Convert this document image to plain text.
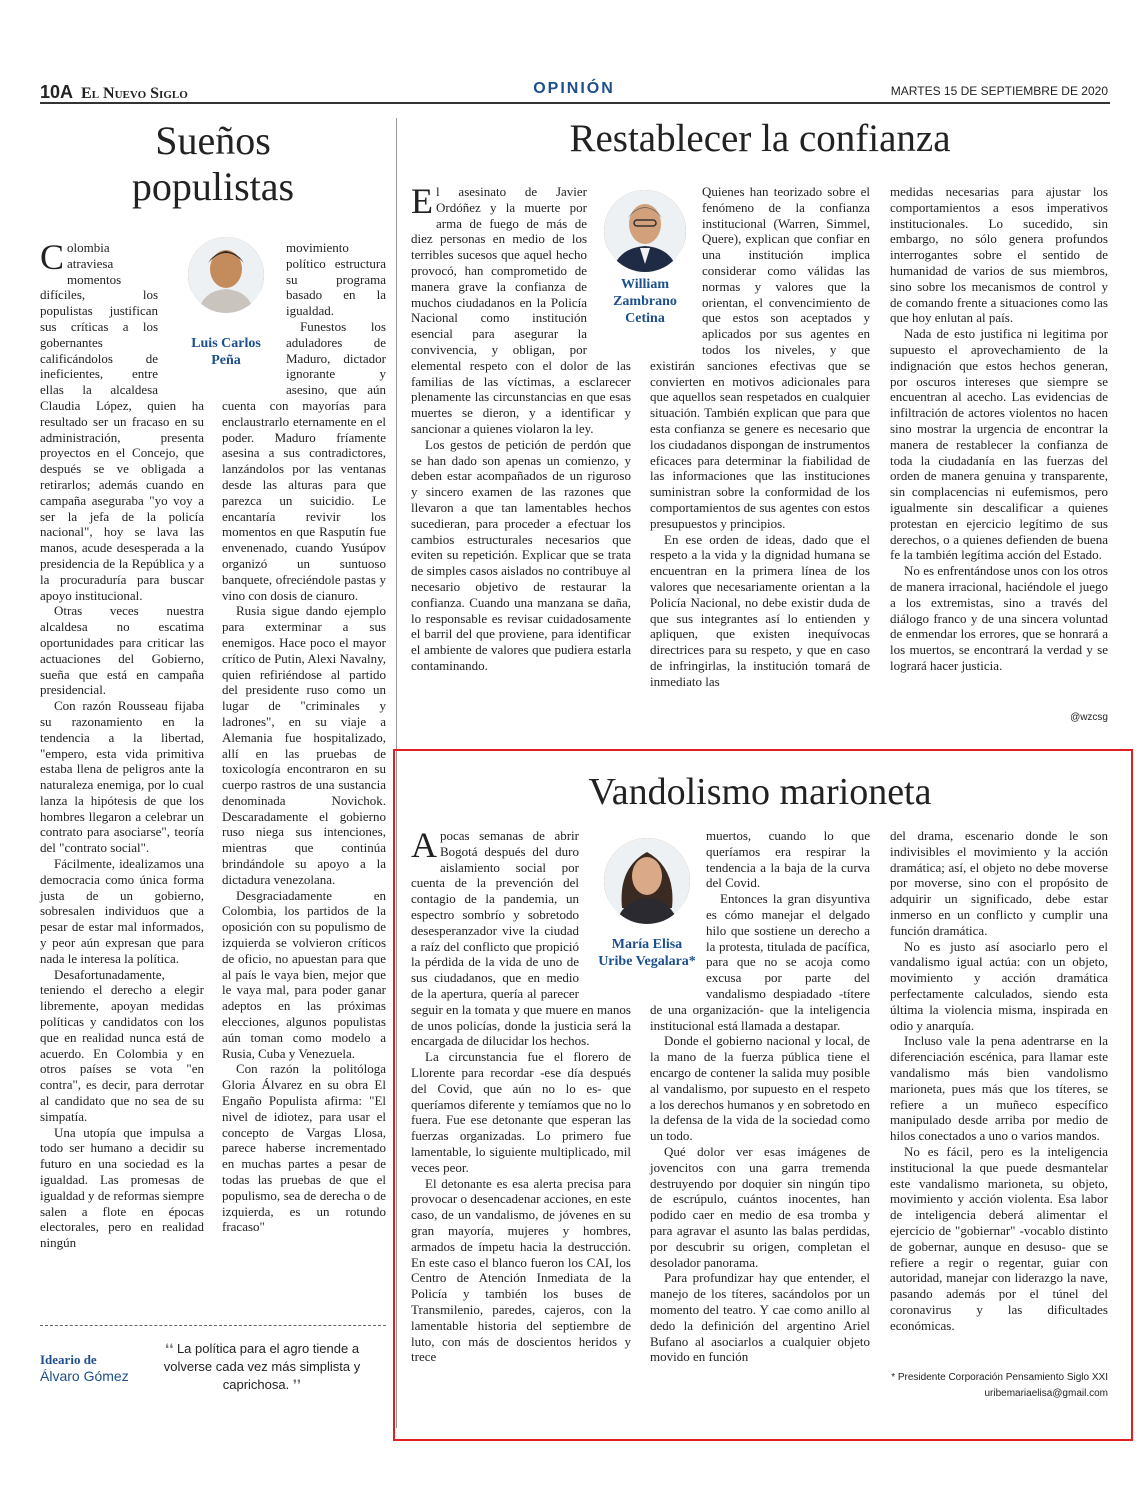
10A El Nuevo Siglo	OPINIÓN	MARTES 15 DE SEPTIEMBRE DE 2020
Sueños
populistas
Luis Carlos
Peña

Colombia atraviesa momentos difíciles, los populistas justifican sus críticas a los gobernantes calificándolos de ineficientes, entre ellas la alcaldesa Claudia López, quien ha resultado ser un fracaso en su administración, presenta proyectos en el Concejo, que después se ve obligada a retirarlos; además cuando en campaña aseguraba "yo voy a ser la jefa de la policía nacional", hoy se lava las manos, acude desesperada a la presidencia de la República y a la procuraduría para buscar apoyo institucional.

Otras veces nuestra alcaldesa no escatima oportunidades para criticar las actuaciones del Gobierno, sueña que está en campaña presidencial.

Con razón Rousseau fijaba su razonamiento en la tendencia a la libertad, "empero, esta vida primitiva estaba llena de peligros ante la naturaleza enemiga, por lo cual lanza la hipótesis de que los hombres llegaron a celebrar un contrato para asociarse", teoría del "contrato social".

Fácilmente, idealizamos una democracia como única forma justa de un gobierno, sobresalen individuos que a pesar de estar mal informados, y peor aún expresan que para nada le interesa la política.

Desafortunadamente, teniendo el derecho a elegir libremente, apoyan medidas políticas y candidatos con los que en realidad nunca está de acuerdo. En Colombia y en otros países se vota "en contra", es decir, para derrotar al candidato que no sea de su simpatía.

Una utopía que impulsa a todo ser humano a decidir su futuro en una sociedad es la igualdad. Las promesas de igualdad y de reformas siempre salen a flote en épocas electorales, pero en realidad ningún

movimiento político estructura su programa basado en la igualdad.

Funestos los aduladores de Maduro, dictador ignorante y asesino, que aún cuenta con mayorías para enclaustrarlo eternamente en el poder. Maduro fríamente asesina a sus contradictores, lanzándolos por las ventanas desde las alturas para que parezca un suicidio. Le encantaría revivir los momentos en que Rasputín fue envenenado, cuando Yusúpov organizó un suntuoso banquete, ofreciéndole pastas y vino con dosis de cianuro.

Rusia sigue dando ejemplo para exterminar a sus enemigos. Hace poco el mayor crítico de Putin, Alexi Navalny, quien refiriéndose al partido del presidente ruso como un lugar de "criminales y ladrones", en su viaje a Alemania fue hospitalizado, allí en las pruebas de toxicología encontraron en su cuerpo rastros de una sustancia denominada Novichok. Descaradamente el gobierno ruso niega sus intenciones, mientras que continúa brindándole su apoyo a la dictadura venezolana.

Desgraciadamente en Colombia, los partidos de la oposición con su populismo de izquierda se volvieron críticos de oficio, no apuestan para que al país le vaya bien, mejor que le vaya mal, para poder ganar adeptos en las próximas elecciones, algunos populistas aún toman como modelo a Rusia, Cuba y Venezuela.

Con razón la politóloga Gloria Álvarez en su obra El Engaño Populista afirma: "El nivel de idiotez, para usar el concepto de Vargas Llosa, parece haberse incrementado en muchas partes a pesar de todas las pruebas de que el populismo, sea de derecha o de izquierda, es un rotundo fracaso"

Ideario de
Álvaro Gómez
❛❛ La política para el agro tiende a volverse cada vez más simplista y caprichosa. ❜❜
Restablecer la confianza
William
Zambrano
Cetina

El asesinato de Javier Ordóñez y la muerte por arma de fuego de más de diez personas en medio de los terribles sucesos que aquel hecho provocó, han comprometido de manera grave la confianza de muchos ciudadanos en la Policía Nacional como institución esencial para asegurar la convivencia, y obligan, por elemental respeto con el dolor de las familias de las víctimas, a esclarecer plenamente las circunstancias en que esas muertes se dieron, y a identificar y sancionar a quienes violaron la ley.

Los gestos de petición de perdón que se han dado son apenas un comienzo, y deben estar acompañados de un riguroso y sincero examen de las razones que llevaron a que tan lamentables hechos sucedieran, para proceder a efectuar los cambios estructurales necesarios que eviten su repetición. Explicar que se trata de simples casos aislados no contribuye al necesario objetivo de restaurar la confianza. Cuando una manzana se daña, lo responsable es revisar cuidadosamente el barril del que proviene, para identificar el ambiente de valores que pudiera estarla contaminando.

Quienes han teorizado sobre el fenómeno de la confianza institucional (Warren, Simmel, Quere), explican que confiar en una institución implica considerar como válidas las normas y valores que la orientan, el convencimiento de que estos son aceptados y aplicados por sus agentes en todos los niveles, y que existirán sanciones efectivas que se convierten en motivos adicionales para que aquellos sean respetados en cualquier situación. También explican que para que esta confianza se genere es necesario que los ciudadanos dispongan de instrumentos eficaces para determinar la fiabilidad de las informaciones que las instituciones suministran sobre la conformidad de los comportamientos de sus agentes con estos presupuestos y principios.

En ese orden de ideas, dado que el respeto a la vida y la dignidad humana se encuentran en la primera línea de los valores que necesariamente orientan a la Policía Nacional, no debe existir duda de que sus integrantes así lo entienden y apliquen, que existen inequívocas directrices para su respeto, y que en caso de infringirlas, la institución tomará de inmediato las

medidas necesarias para ajustar los comportamientos a esos imperativos institucionales. Lo sucedido, sin embargo, no sólo genera profundos interrogantes sobre el sentido de humanidad de varios de sus miembros, sino sobre los mecanismos de control y de comando frente a situaciones como las que hoy enlutan al país.

Nada de esto justifica ni legitima por supuesto el aprovechamiento de la indignación que estos hechos generan, por oscuros intereses que siempre se encuentran al acecho. Las evidencias de infiltración de actores violentos no hacen sino mostrar la urgencia de encontrar la manera de restablecer la confianza de toda la ciudadanía en las fuerzas del orden de manera genuina y transparente, sin complacencias ni eufemismos, pero igualmente sin descalificar a quienes protestan en ejercicio legítimo de sus derechos, o a quienes defienden de buena fe la también legítima acción del Estado.

No es enfrentándose unos con los otros de manera irracional, haciéndole el juego a los extremistas, sino a través del diálogo franco y de una sincera voluntad de enmendar los errores, que se honrará a los muertos, se encontrará la verdad y se logrará hacer justicia.

@wzcsg
Vandolismo marioneta
María Elisa
Uribe Vegalara*

A pocas semanas de abrir Bogotá después del duro aislamiento social por cuenta de la prevención del contagio de la pandemia, un espectro sombrío y sobretodo desesperanzador vive la ciudad a raíz del conflicto que propició la pérdida de la vida de uno de sus ciudadanos, que en medio de la apertura, quería al parecer seguir en la tomata y que muere en manos de unos policías, donde la justicia será la encargada de dilucidar los hechos.

La circunstancia fue el florero de Llorente para recordar -ese día después del Covid, que aún no lo es- que queríamos diferente y temíamos que no lo fuera. Fue ese detonante que esperan las fuerzas organizadas. Lo primero fue lamentable, lo siguiente multiplicado, mil veces peor.

El detonante es esa alerta precisa para provocar o desencadenar acciones, en este caso, de un vandalismo, de jóvenes en su gran mayoría, mujeres y hombres, armados de ímpetu hacia la destrucción. En este caso el blanco fueron los CAI, los Centro de Atención Inmediata de la Policía y también los buses de Transmilenio, paredes, cajeros, con la lamentable historia del septiembre de luto, con más de doscientos heridos y trece

muertos, cuando lo que queríamos era respirar la tendencia a la baja de la curva del Covid.

Entonces la gran disyuntiva es cómo manejar el delgado hilo que sostiene un derecho a la protesta, titulada de pacífica, para que no se acoja como excusa por parte del vandalismo despiadado -títere de una organización- que la inteligencia institucional está llamada a destapar.

Donde el gobierno nacional y local, de la mano de la fuerza pública tiene el encargo de contener la salida muy posible al vandalismo, por supuesto en el respeto a los derechos humanos y en sobretodo en la defensa de la vida de la sociedad como un todo.

Qué dolor ver esas imágenes de jovencitos con una garra tremenda destruyendo por doquier sin ningún tipo de escrúpulo, cuántos inocentes, han podido caer en medio de esa tromba y para agravar el asunto las balas perdidas, por descubrir su origen, completan el desolador panorama.

Para profundizar hay que entender, el manejo de los títeres, sacándolos por un momento del teatro. Y cae como anillo al dedo la definición del argentino Ariel Bufano al asociarlos a cualquier objeto movido en función

del drama, escenario donde le son indivisibles el movimiento y la acción dramática; así, el objeto no debe moverse por moverse, sino con el propósito de adquirir un significado, debe estar inmerso en un conflicto y cumplir una función dramática.

No es justo así asociarlo pero el vandalismo igual actúa: con un objeto, movimiento y acción dramática perfectamente calculados, siendo esta última la violencia misma, inspirada en odio y anarquía.

Incluso vale la pena adentrarse en la diferenciación escénica, para llamar este vandalismo más bien vandolismo marioneta, pues más que los títeres, se refiere a un muñeco específico manipulado desde arriba por medio de hilos conectados a uno o varios mandos.

No es fácil, pero es la inteligencia institucional la que puede desmantelar este vandalismo marioneta, su objeto, movimiento y acción violenta. Esa labor de inteligencia deberá alimentar el ejercicio de "gobiernar" -vocablo distinto de gobernar, aunque en desuso- que se refiere a regir o regentar, guiar con autoridad, manejar con liderazgo la nave, pasando además por el túnel del coronavirus y las dificultades económicas.

* Presidente Corporación Pensamiento Siglo XXI
uribemariaelisa@gmail.com
